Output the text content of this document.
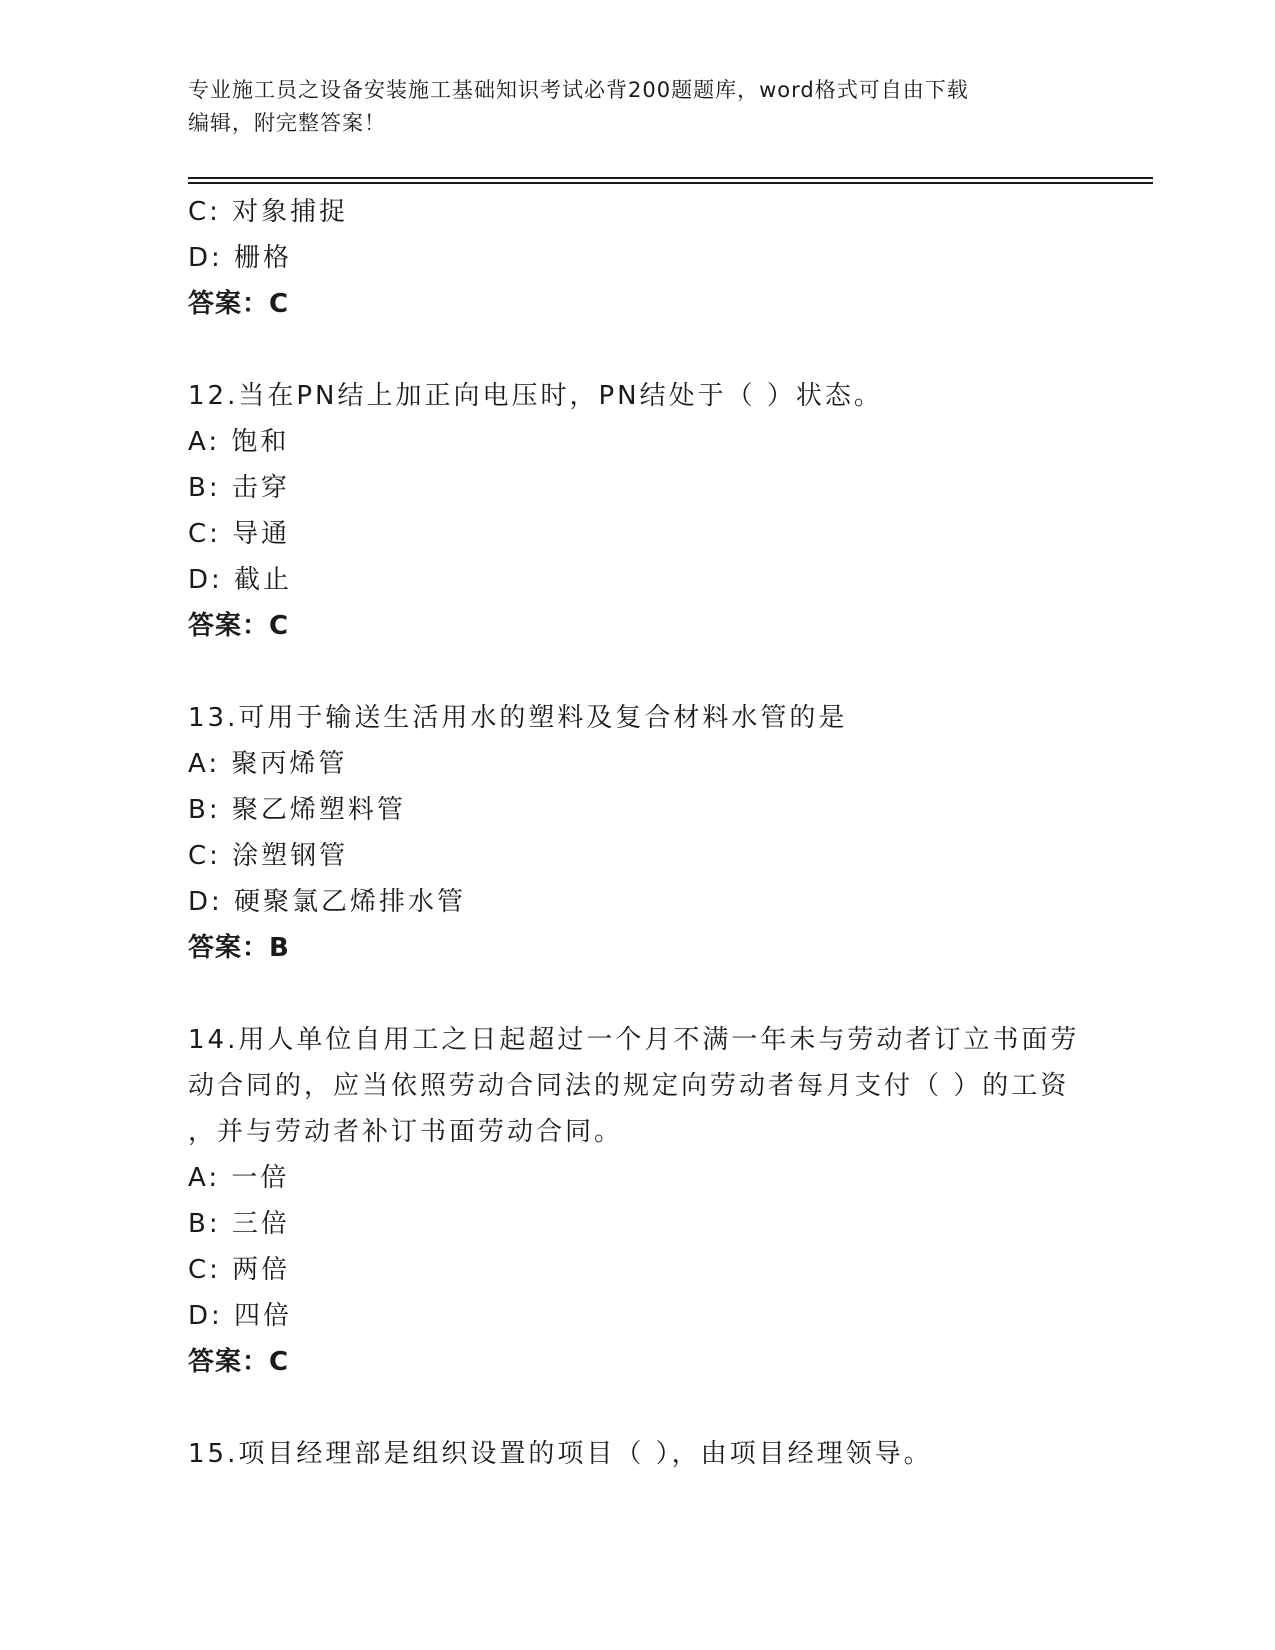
专业施工员之设备安装施工基础知识考试必背200题题库，word格式可自由下载
编辑，附完整答案！
C: 对象捕捉
D: 栅格
答案：C
12.当在PN结上加正向电压时，PN结处于（ ）状态。
A: 饱和
B: 击穿
C: 导通
D: 截止
答案：C
13.可用于输送生活用水的塑料及复合材料水管的是
A: 聚丙烯管
B: 聚乙烯塑料管
C: 涂塑钢管
D: 硬聚氯乙烯排水管
答案：B
14.用人单位自用工之日起超过一个月不满一年未与劳动者订立书面劳
动合同的，应当依照劳动合同法的规定向劳动者每月支付（ ）的工资
，并与劳动者补订书面劳动合同。
A: 一倍
B: 三倍
C: 两倍
D: 四倍
答案：C
15.项目经理部是组织设置的项目（ ），由项目经理领导。
